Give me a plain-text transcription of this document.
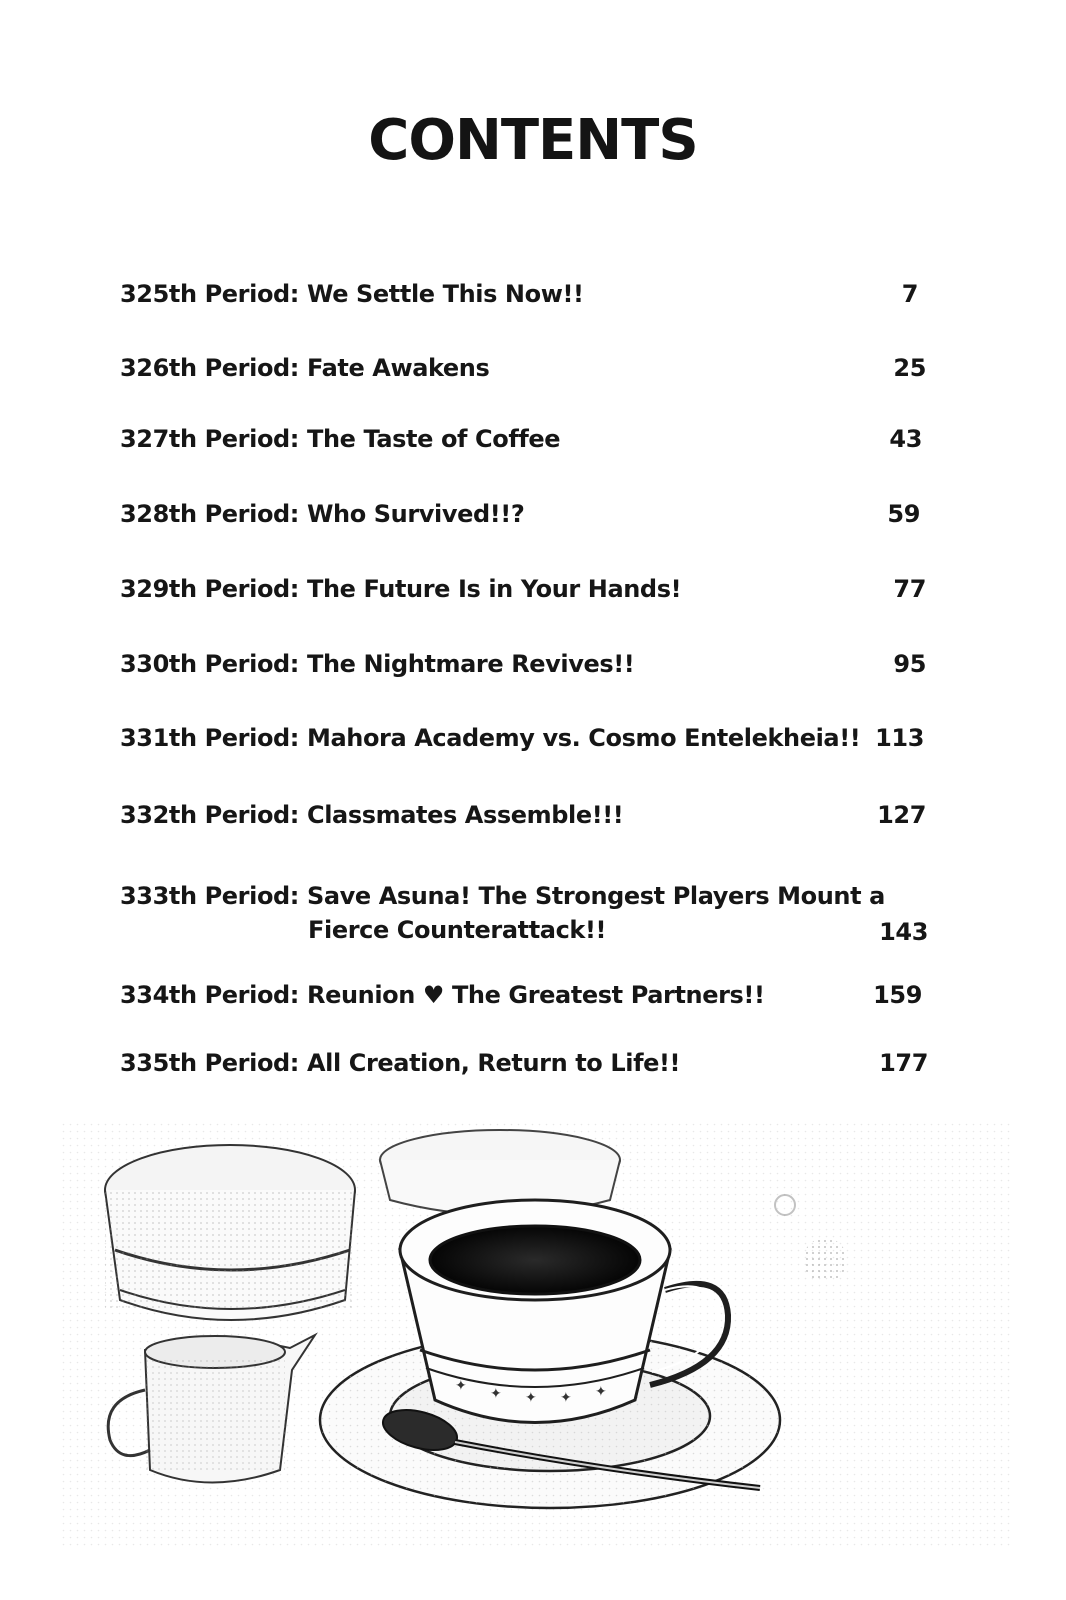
CONTENTS
325th Period: We Settle This Now!!	7
326th Period: Fate Awakens	25
327th Period: The Taste of Coffee	43
328th Period: Who Survived!!?	59
329th Period: The Future Is in Your Hands!	77
330th Period: The Nightmare Revives!!	95
331th Period: Mahora Academy vs. Cosmo Entelekheia!! 113
332th Period: Classmates Assemble!!!	127
333th Period: Save Asuna! The Strongest Players Mount a
Fierce Counterattack!!	143
334th Period: Reunion ♥ The Greatest Partners!!	159
335th Period: All Creation, Return to Life!!	177
✦ ✦ ✦ ✦ ✦
